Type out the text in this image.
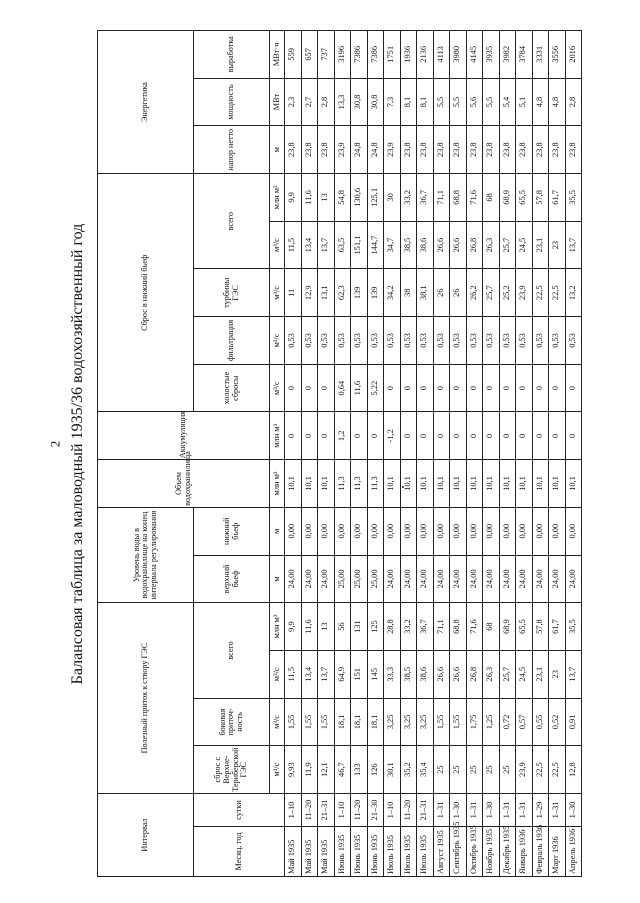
2 Балансовая таблица за маловодный 1935/36 водохозяйственный год
Интервал		Полезный приток к створу ГЭС				Уровень воды в водохранилище на конец интервала регулирования		Объем водохранилища	Аккумуляция	Сброс в нижний бьеф					Энергетика		
Месяц, год	сутки	сброс с Верхне-Териберской ГЭС	боковая приточ-ность	всего		верхний бьеф	нижний бьеф			холостые сбросы	фильтрация	турбины ГЭС	всего		напор нетто	мощность	выработка
		м³/с	м³/с	м³/с	млн м³	м	м	млн м³	млн м³	м³/с	м³/с	м³/с	м³/с	млн м³	м	МВт	МВт·ч
Май 1935	1–10	9,93	1,55	11,5	9,9	24,00	0,00	10,1	0	0	0,53	11	11,5	9,9	23,8	2,3	559
Май 1935	11–20	11,9	1,55	13,4	11,6	24,00	0,00	10,1	0	0	0,53	12,9	13,4	11,6	23,8	2,7	657
Май 1935	21–31	12,1	1,55	13,7	13	24,00	0,00	10,1	0	0	0,53	13,1	13,7	13	23,8	2,8	737
Июнь 1935	1–10	46,7	18,1	64,9	56	25,00	0,00	11,3	1,2	0,64	0,53	62,3	63,5	54,8	23,9	13,3	3196
Июнь 1935	11–20	133	18,1	151	131	25,00	0,00	11,3	0	11,6	0,53	139	151,1	130,6	24,8	30,8	7386
Июнь 1935	21–30	126	18,1	145	125	25,00	0,00	11,3	0	5,22	0,53	139	144,7	125,1	24,8	30,8	7386
Июль 1935	1–10	30,1	3,25	33,3	28,8	24,00	0,00	10,1	-1,2	0	0,53	34,2	34,7	30	23,9	7,3	1751
Июль 1935	11–20	35,2	3,25	38,5	33,2	24,00	0,00	10,1	0	0	0,53	38	38,5	33,2	23,8	8,1	1936
Июль 1935	21–31	35,4	3,25	38,6	36,7	24,00	0,00	10,1	0	0	0,53	38,1	38,6	36,7	23,8	8,1	2136
Август 1935	1–31	25	1,55	26,6	71,1	24,00	0,00	10,1	0	0	0,53	26	26,6	71,1	23,8	5,5	4113
Сентябрь 1935	1–30	25	1,55	26,6	68,8	24,00	0,00	10,1	0	0	0,53	26	26,6	68,8	23,8	5,5	3980
Октябрь 1935	1–31	25	1,75	26,8	71,6	24,00	0,00	10,1	0	0	0,53	26,2	26,8	71,6	23,8	5,6	4145
Ноябрь 1935	1–30	25	1,25	26,3	68	24,00	0,00	10,1	0	0	0,53	25,7	26,3	68	23,8	5,5	3935
Декабрь 1935	1–31	25	0,72	25,7	68,9	24,00	0,00	10,1	0	0	0,53	25,2	25,7	68,9	23,8	5,4	3982
Январь 1936	1–31	23,9	0,57	24,5	65,5	24,00	0,00	10,1	0	0	0,53	23,9	24,5	65,5	23,8	5,1	3784
Февраль 1936	1–29	22,5	0,55	23,1	57,8	24,00	0,00	10,1	0	0	0,53	22,5	23,1	57,8	23,8	4,8	3331
Март 1936	1–31	22,5	0,52	23	61,7	24,00	0,00	10,1	0	0	0,53	22,5	23	61,7	23,8	4,8	3556
Апрель 1936	1–30	12,8	0,91	13,7	35,5	24,00	0,00	10,1	0	0	0,53	13,2	13,7	35,5	23,8	2,8	2016
